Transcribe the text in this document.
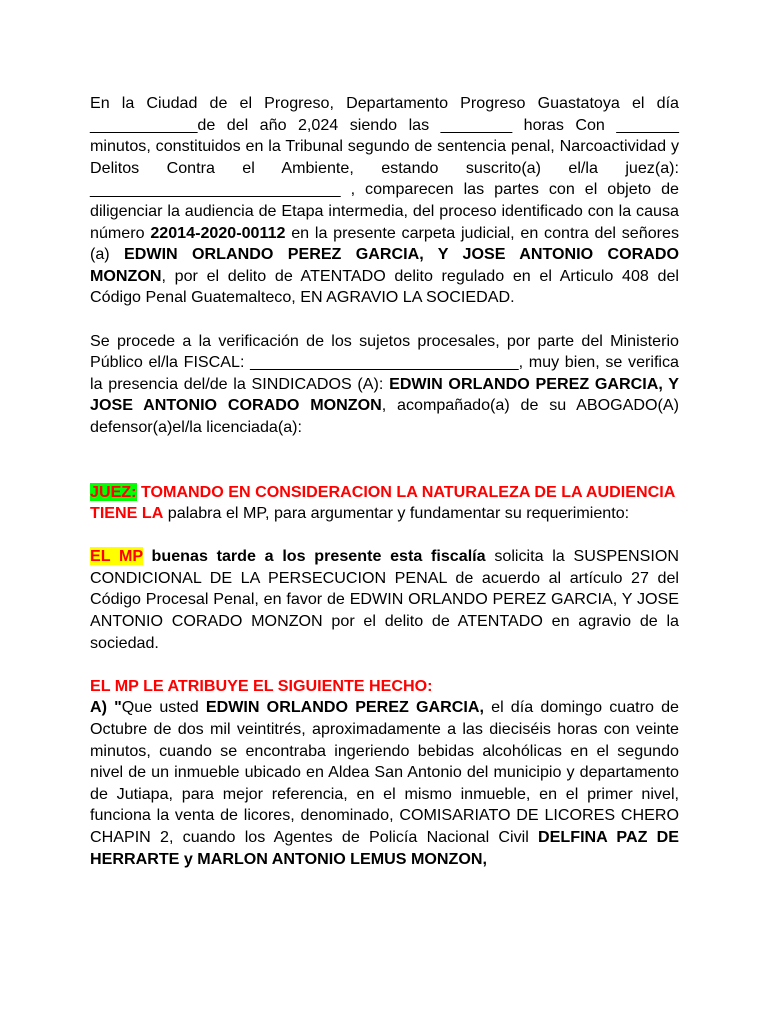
En la Ciudad de el Progreso, Departamento Progreso Guastatoya el día ____________de del año 2,024 siendo las ________ horas Con _______ minutos, constituidos en la Tribunal segundo de sentencia penal, Narcoactividad y Delitos Contra el Ambiente, estando suscrito(a) el/la juez(a): ____________________________ , comparecen las partes con el objeto de diligenciar la audiencia de Etapa intermedia, del proceso identificado con la causa número 22014-2020-00112 en la presente carpeta judicial, en contra del señores (a) EDWIN ORLANDO PEREZ GARCIA, Y JOSE ANTONIO CORADO MONZON, por el delito de ATENTADO delito regulado en el Articulo 408 del Código Penal Guatemalteco, EN AGRAVIO LA SOCIEDAD.

Se procede a la verificación de los sujetos procesales, por parte del Ministerio Público el/la FISCAL: ______________________________, muy bien, se verifica la presencia del/de la SINDICADOS (A): EDWIN ORLANDO PEREZ GARCIA, Y JOSE ANTONIO CORADO MONZON, acompañado(a) de su ABOGADO(A) defensor(a)el/la licenciada(a):

JUEZ: TOMANDO EN CONSIDERACION LA NATURALEZA DE LA AUDIENCIA TIENE LA palabra el MP, para argumentar y fundamentar su requerimiento:

EL MP buenas tarde a los presente esta fiscalía solicita la SUSPENSION CONDICIONAL DE LA PERSECUCION PENAL de acuerdo al artículo 27 del Código Procesal Penal, en favor de EDWIN ORLANDO PEREZ GARCIA, Y JOSE ANTONIO CORADO MONZON por el delito de ATENTADO en agravio de la sociedad.

EL MP LE ATRIBUYE EL SIGUIENTE HECHO:

A) "Que usted EDWIN ORLANDO PEREZ GARCIA, el día domingo cuatro de Octubre de dos mil veintitrés, aproximadamente a las dieciséis horas con veinte minutos, cuando se encontraba ingeriendo bebidas alcohólicas en el segundo nivel de un inmueble ubicado en Aldea San Antonio del municipio y departamento de Jutiapa, para mejor referencia, en el mismo inmueble, en el primer nivel, funciona la venta de licores, denominado, COMISARIATO DE LICORES CHERO CHAPIN 2, cuando los Agentes de Policía Nacional Civil DELFINA PAZ DE HERRARTE y MARLON ANTONIO LEMUS MONZON,
